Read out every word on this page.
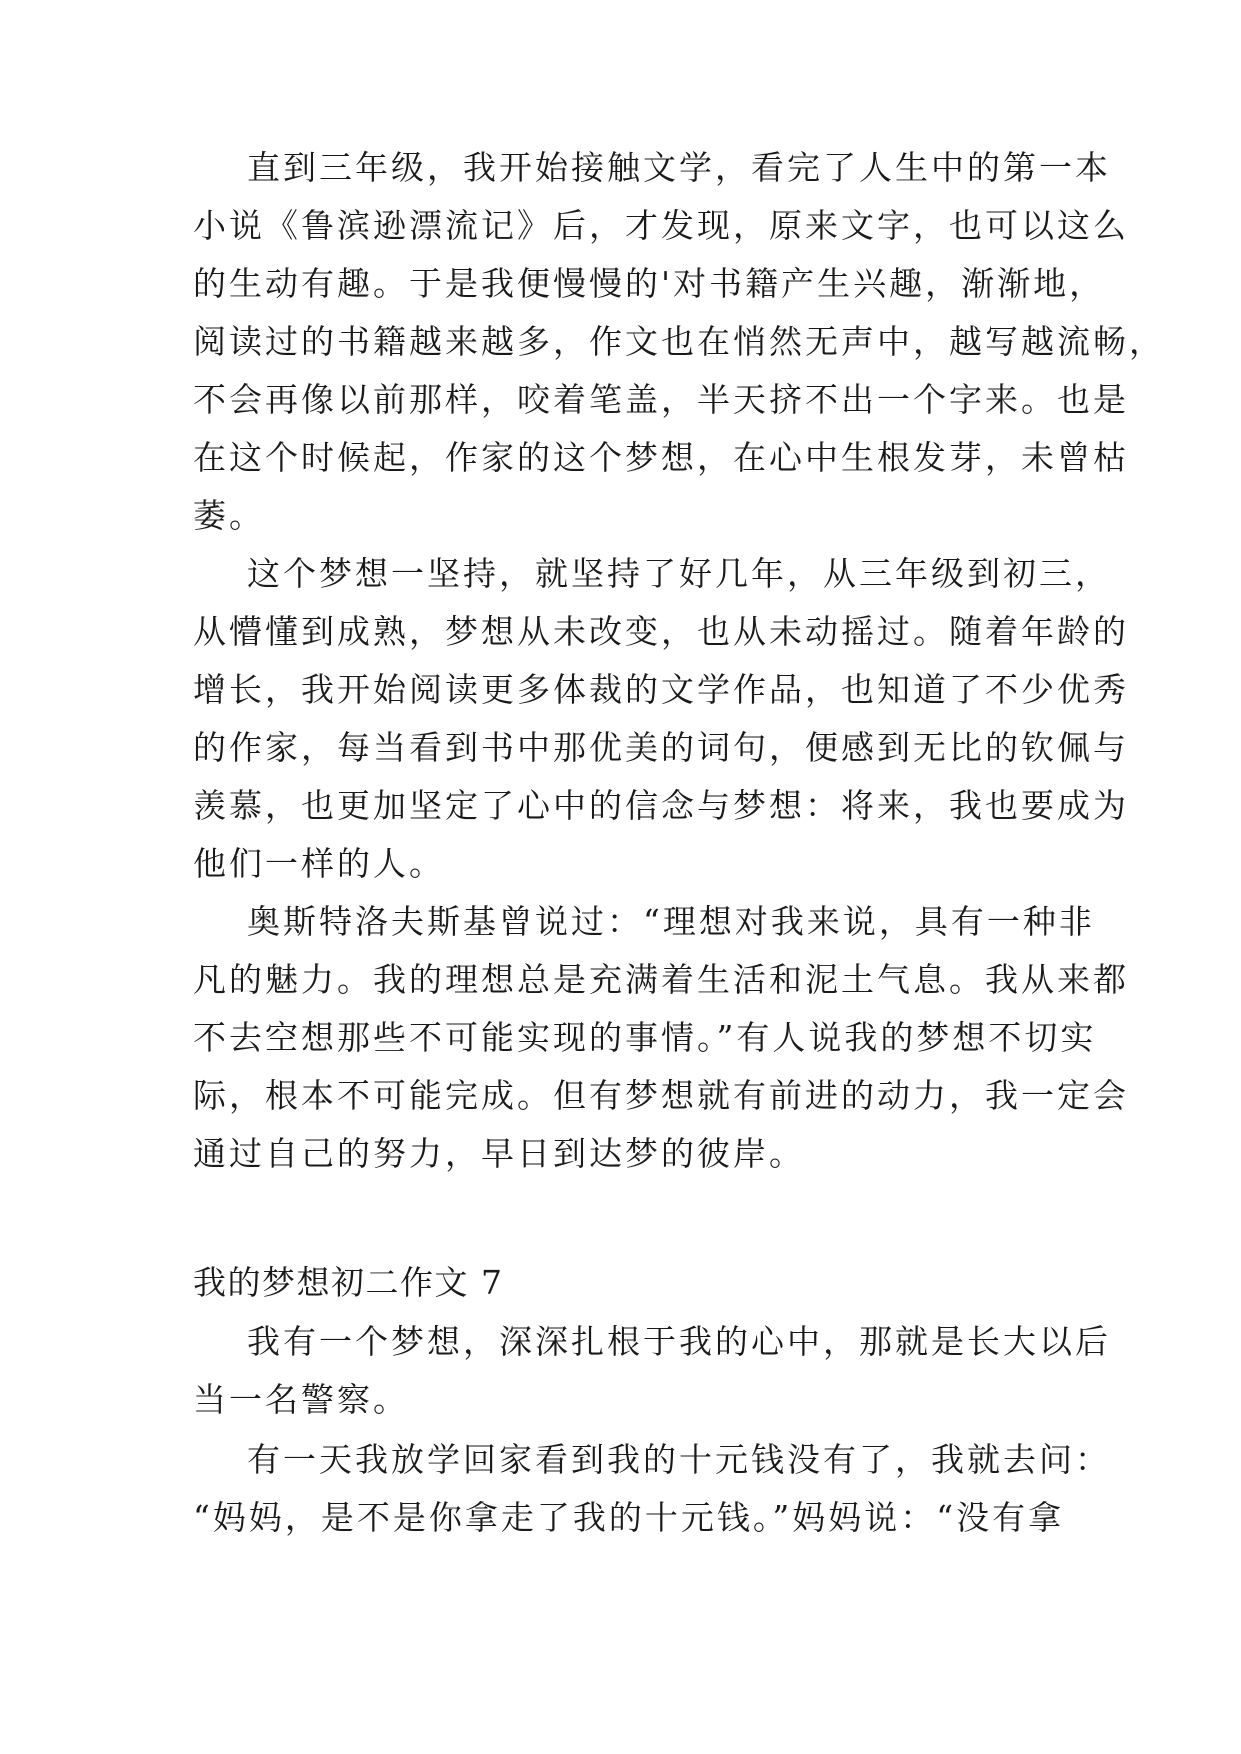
直到三年级，我开始接触文学，看完了人生中的第一本
小说《鲁滨逊漂流记》后，才发现，原来文字，也可以这么
的生动有趣。于是我便慢慢的'对书籍产生兴趣，渐渐地，
阅读过的书籍越来越多，作文也在悄然无声中，越写越流畅，
不会再像以前那样，咬着笔盖，半天挤不出一个字来。也是
在这个时候起，作家的这个梦想，在心中生根发芽，未曾枯
萎。
这个梦想一坚持，就坚持了好几年，从三年级到初三，
从懵懂到成熟，梦想从未改变，也从未动摇过。随着年龄的
增长，我开始阅读更多体裁的文学作品，也知道了不少优秀
的作家，每当看到书中那优美的词句，便感到无比的钦佩与
羡慕，也更加坚定了心中的信念与梦想：将来，我也要成为
他们一样的人。
奥斯特洛夫斯基曾说过：“理想对我来说，具有一种非
凡的魅力。我的理想总是充满着生活和泥土气息。我从来都
不去空想那些不可能实现的事情。”有人说我的梦想不切实
际，根本不可能完成。但有梦想就有前进的动力，我一定会
通过自己的努力，早日到达梦的彼岸。
我的梦想初二作文 7
我有一个梦想，深深扎根于我的心中，那就是长大以后
当一名警察。
有一天我放学回家看到我的十元钱没有了，我就去问：
“妈妈，是不是你拿走了我的十元钱。”妈妈说：“没有拿
